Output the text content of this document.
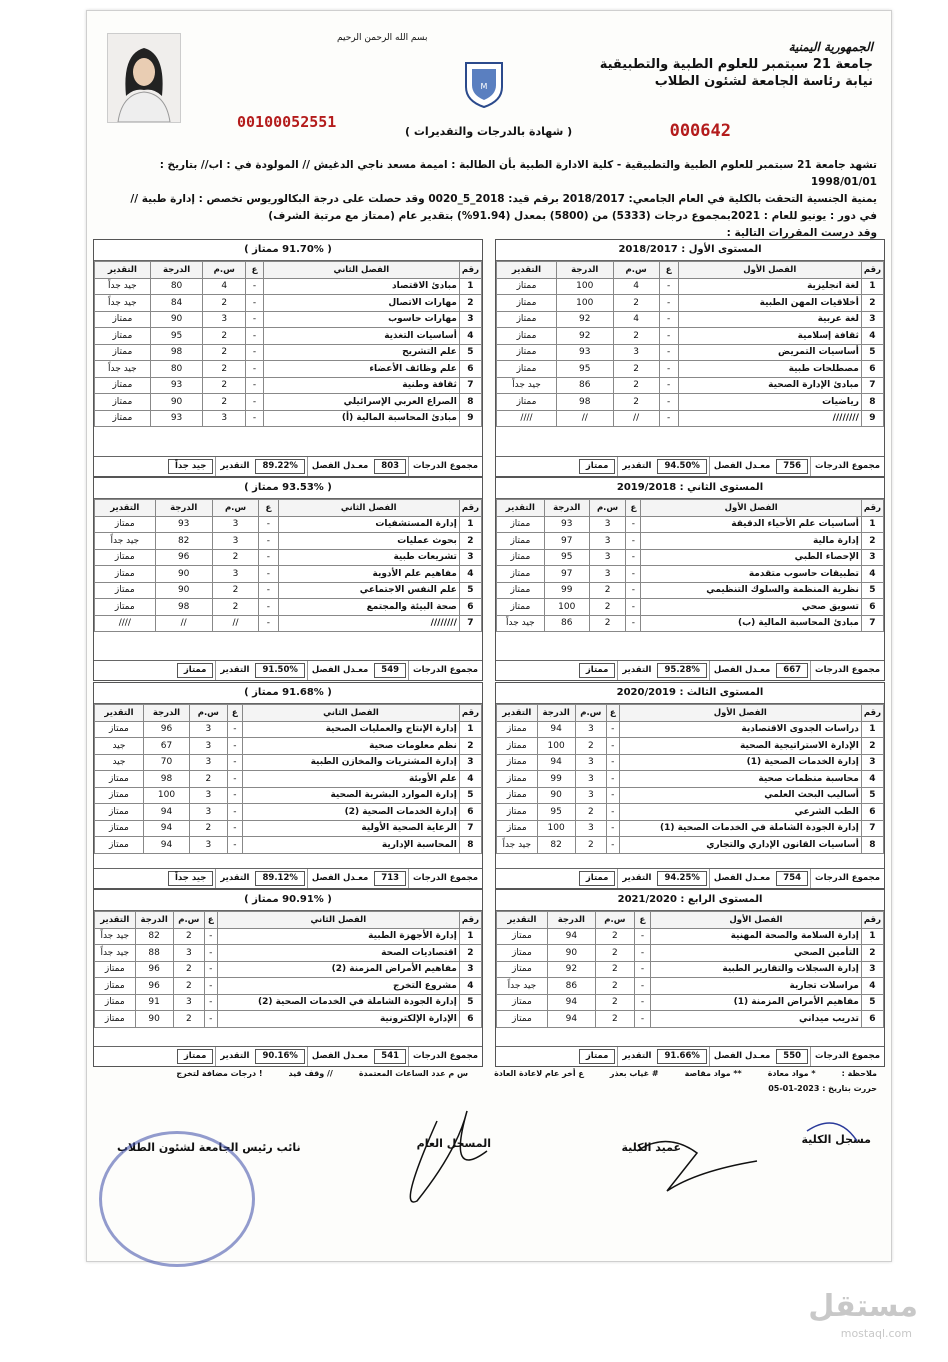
M
بسم الله الرحمن الرحيم
الجمهورية اليمنية
جامعة 21 سبتمبر للعلوم الطبية والتطبيقية
نيابة رئاسة الجامعة لشئون الطلاب
00100052551
( شهادة بالدرجات والتقديرات )	000642
تشهد جامعة 21 سبتمبر للعلوم الطبية والتطبيقية - كلية الادارة الطبية بأن الطالبة : اميمة مسعد ناجي الدغيش // المولودة في : اب// بتاريخ : 1998/01/01
يمنية الجنسية التحقت بالكلية في العام الجامعي: 2018/2017 برقم قيد: 2018_5_0020 وقد حصلت على درجة البكالوريوس تخصص : إدارة طبية //
في دور : يونيو للعام : 2021بمجموع درجات (5333) من (5800) بمعدل (91.94%) بتقدير عام (ممتاز مع مرتبة الشرف)
وقد درست المقررات التالية :
المستوى الأول : 2018/2017
رقم	الفصل الأول	ع	س.م	الدرجة	التقدير
1	لغة انجليزية	-	4	100	ممتاز
2	أخلاقيات المهن الطبية	-	2	100	ممتاز
3	لغة عربية	-	4	92	ممتاز
4	ثقافة إسلامية	-	2	92	ممتاز
5	أساسيات التمريض	-	3	93	ممتاز
6	مصطلحات طبية	-	2	95	ممتاز
7	مبادئ الإدارة الصحية	-	2	86	جيد جداً
8	رياضيات	-	2	98	ممتاز
9	////////	-	//	//	////
مجموع الدرجات
756
معـدل الفصل
94.50%
التقدير
ممتاز
( 91.70% ممتاز )
رقم	الفصل الثاني	ع	س.م	الدرجة	التقدير
1	مبادئ الاقتصاد	-	4	80	جيد جداً
2	مهارات الاتصال	-	2	84	جيد جداً
3	مهارات حاسوب	-	3	90	ممتاز
4	أساسيات التغذية	-	2	95	ممتاز
5	علم التشريح	-	2	98	ممتاز
6	علم وظائف الأعضاء	-	2	80	جيد جداً
7	ثقافة وطنية	-	2	93	ممتاز
8	الصراع العربي الإسرائيلي	-	2	90	ممتاز
9	مبادئ المحاسبة المالية (أ)	-	3	93	ممتاز
مجموع الدرجات
803
معـدل الفصل
89.22%
التقدير
جيد جداً
المستوى الثاني : 2019/2018
رقم	الفصل الأول	ع	س.م	الدرجة	التقدير
1	أساسيات علم الأحياء الدقيقة	-	3	93	ممتاز
2	إدارة مالية	-	3	97	ممتاز
3	الإحصاء الطبي	-	3	95	ممتاز
4	تطبيقات حاسوب متقدمة	-	3	97	ممتاز
5	نظرية المنظمة والسلوك التنظيمي	-	2	99	ممتاز
6	تسويق صحي	-	2	100	ممتاز
7	مبادئ المحاسبة المالية (ب)	-	2	86	جيد جداً
مجموع الدرجات
667
معـدل الفصل
95.28%
التقدير
ممتاز
( 93.53% ممتاز )
رقم	الفصل الثاني	ع	س.م	الدرجة	التقدير
1	إدارة المستشفيات	-	3	93	ممتاز
2	بحوث عمليات	-	3	82	جيد جداً
3	تشريعات طبية	-	2	96	ممتاز
4	مفاهيم علم الأدوية	-	3	90	ممتاز
5	علم النفس الاجتماعي	-	2	90	ممتاز
6	صحة البيئة والمجتمع	-	2	98	ممتاز
7	////////	-	//	//	////
مجموع الدرجات
549
معـدل الفصل
91.50%
التقدير
ممتاز
المستوى الثالث : 2020/2019
رقم	الفصل الأول	ع	س.م	الدرجة	التقدير
1	دراسات الجدوى الاقتصادية	-	3	94	ممتاز
2	الإدارة الاستراتيجية الصحية	-	2	100	ممتاز
3	إدارة الخدمات الصحية (1)	-	3	94	ممتاز
4	محاسبة منظمات صحية	-	3	99	ممتاز
5	أساليب البحث العلمي	-	3	90	ممتاز
6	الطب الشرعي	-	2	95	ممتاز
7	إدارة الجودة الشاملة في الخدمات الصحية (1)	-	3	100	ممتاز
8	أساسيات القانون الإداري والتجاري	-	2	82	جيد جداً
مجموع الدرجات
754
معـدل الفصل
94.25%
التقدير
ممتاز
( 91.68% ممتاز )
رقم	الفصل الثاني	ع	س.م	الدرجة	التقدير
1	إدارة الإنتاج والعمليات الصحية	-	3	96	ممتاز
2	نظم معلومات صحية	-	3	67	جيد
3	إدارة المشتريات والمخازن الطبية	-	3	70	جيد
4	علم الأوبئة	-	2	98	ممتاز
5	إدارة الموارد البشرية الصحية	-	3	100	ممتاز
6	إدارة الخدمات الصحية (2)	-	3	94	ممتاز
7	الرعاية الصحية الأولية	-	2	94	ممتاز
8	المحاسبة الإدارية	-	3	94	ممتاز
مجموع الدرجات
713
معـدل الفصل
89.12%
التقدير
جيد جداً
المستوى الرابع : 2021/2020
رقم	الفصل الأول	ع	س.م	الدرجة	التقدير
1	إدارة السلامة والصحة المهنية	-	2	94	ممتاز
2	التأمين الصحي	-	2	90	ممتاز
3	إدارة السجلات والتقارير الطبية	-	2	92	ممتاز
4	مراسلات تجارية	-	2	86	جيد جداً
5	مفاهيم الأمراض المزمنة (1)	-	2	94	ممتاز
6	تدريب ميداني	-	2	94	ممتاز
مجموع الدرجات
550
معـدل الفصل
91.66%
التقدير
ممتاز
( 90.91% ممتاز )
رقم	الفصل الثاني	ع	س.م	الدرجة	التقدير
1	إدارة الأجهزة الطبية	-	2	82	جيد جداً
2	اقتصاديات الصحة	-	3	88	جيد جداً
3	مفاهيم الأمراض المزمنة (2)	-	2	96	ممتاز
4	مشروع التخرج	-	2	96	ممتاز
5	إدارة الجودة الشاملة في الخدمات الصحية (2)	-	3	91	ممتاز
6	الإدارة الإلكترونية	-	2	90	ممتاز
مجموع الدرجات
541
معـدل الفصل
90.16%
التقدير
ممتاز
ملاحظة :
* مواد معادة
** مواد مقاصة
# غياب بعذر
ع أخر عام لاعادة العادة
س م عدد الساعات المعتمدة
// وقف قيد
! درجات مضافة لتخرج
حررت بتاريخ : 2023-01-05
مسجل الكلية
عميد الكلية
المسجل العام
نائب رئيس الجامعة لشئون الطلاب
مستقل
mostaql.com
